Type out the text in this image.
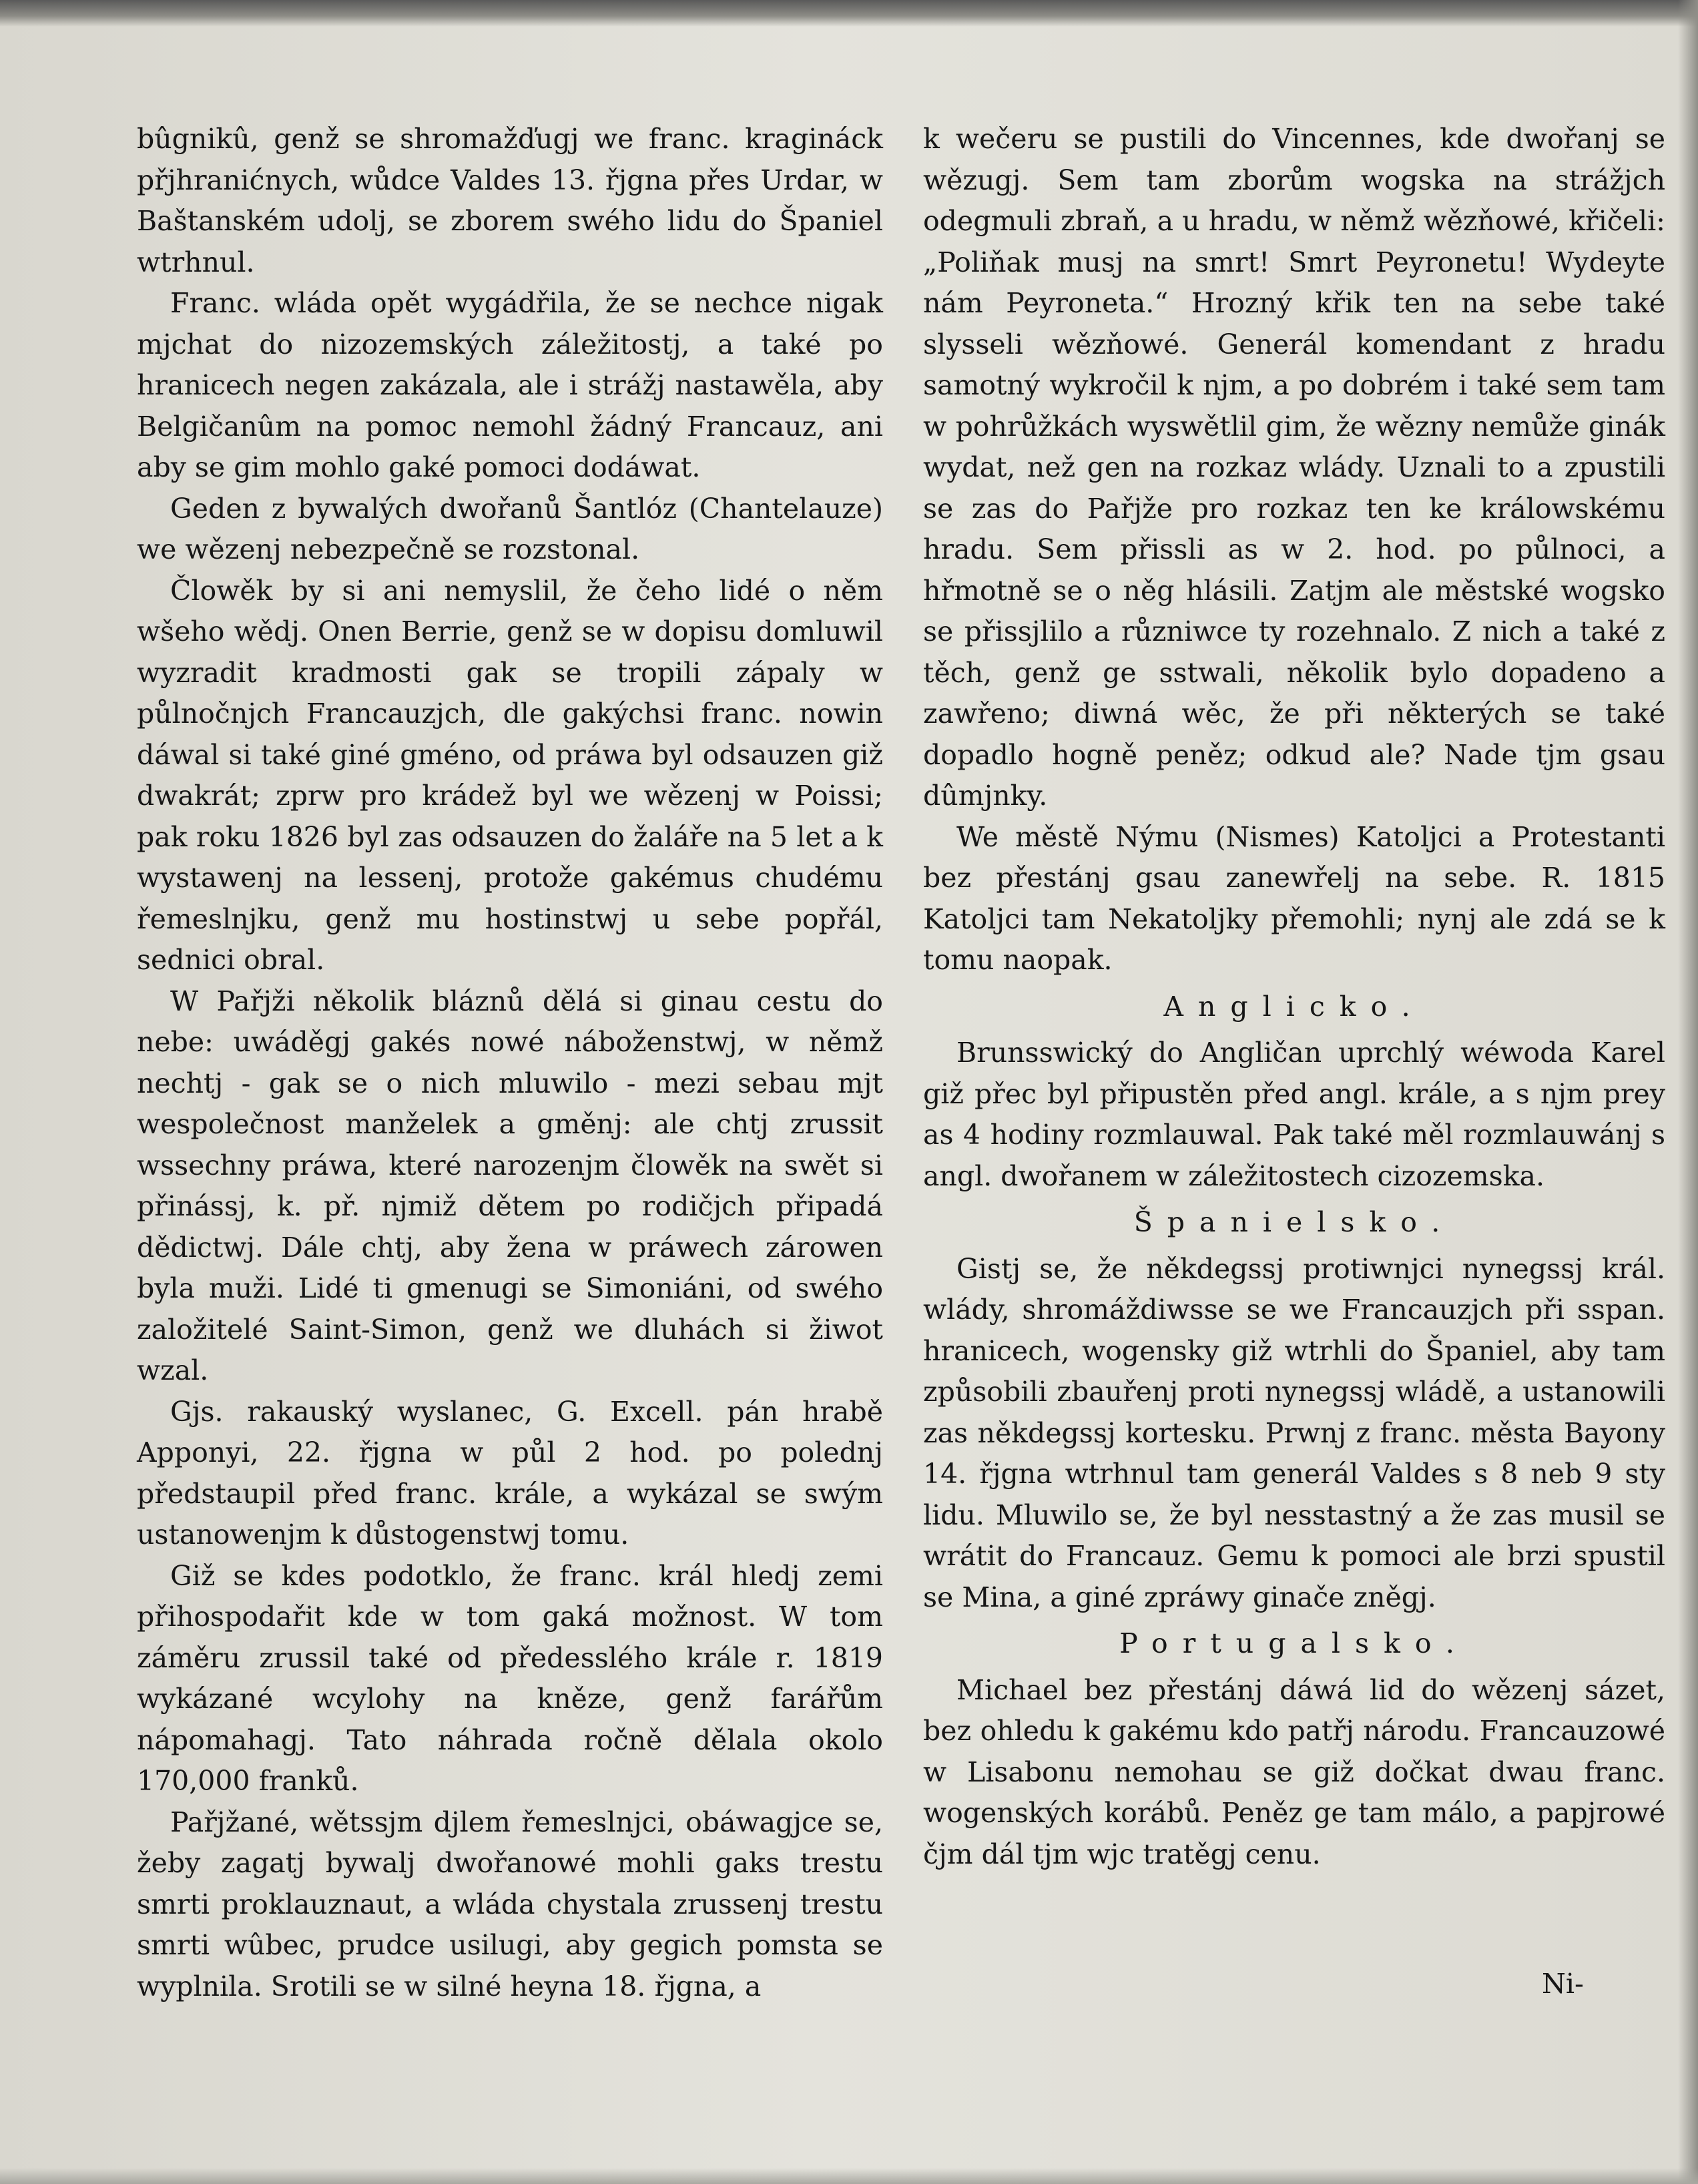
bûgnikû, genž se shromažďugj we franc. kragináck přjhranićnych, wůdce Valdes 13. řjgna přes Urdar, w Baštanském udolj, se zborem swého lidu do Španiel wtrhnul.

Franc. wláda opět wygádřila, že se nechce nigak mjchat do nizozemských záležitostj, a také po hranicech negen zakázala, ale i strážj nastawěla, aby Belgičanûm na pomoc nemohl žádný Francauz, ani aby se gim mohlo gaké pomoci dodáwat.

Geden z bywalých dwořanů Šantlóz (Chantelauze) we wězenj nebezpečně se rozstonal.

Člowěk by si ani nemyslil, že čeho lidé o něm wšeho wědj. Onen Berrie, genž se w dopisu domluwil wyzradit kradmosti gak se tropili zápaly w půlnočnjch Francauzjch, dle gakýchsi franc. nowin dáwal si také giné gméno, od práwa byl odsauzen giž dwakrát; zprw pro krádež byl we wězenj w Poissi; pak roku 1826 byl zas odsauzen do žaláře na 5 let a k wystawenj na lessenj, protože gakémus chudému řemeslnjku, genž mu hostinstwj u sebe popřál, sednici obral.

W Pařjži několik bláznů dělá si ginau cestu do nebe: uwáděgj gakés nowé náboženstwj, w němž nechtj - gak se o nich mluwilo - mezi sebau mjt wespolečnost manželek a gměnj: ale chtj zrussit wssechny práwa, které narozenjm člowěk na swět si přinássj, k. př. njmiž dětem po rodičjch připadá dědictwj. Dále chtj, aby žena w práwech zárowen byla muži. Lidé ti gmenugi se Simoniáni, od swého založitelé Saint-Simon, genž we dluhách si žiwot wzal.

Gjs. rakauský wyslanec, G. Excell. pán hrabě Apponyi, 22. řjgna w půl 2 hod. po polednj předstaupil před franc. krále, a wykázal se swým ustanowenjm k důstogenstwj tomu.

Giž se kdes podotklo, že franc. král hledj zemi přihospodařit kde w tom gaká možnost. W tom záměru zrussil také od předesslého krále r. 1819 wykázané wcylohy na kněze, genž farářům nápomahagj. Tato náhrada ročně dělala okolo 170,000 franků.

Pařjžané, wětssjm djlem řemeslnjci, obáwagjce se, žeby zagatj bywalj dwořanowé mohli gaks trestu smrti proklauznaut, a wláda chystala zrussenj trestu smrti wûbec, prudce usilugi, aby gegich pomsta se wyplnila. Srotili se w silné heyna 18. řjgna, a

k wečeru se pustili do Vincennes, kde dwořanj se wězugj. Sem tam zborům wogska na strážjch odegmuli zbraň, a u hradu, w němž wězňowé, křičeli: „Poliňak musj na smrt! Smrt Peyronetu! Wydeyte nám Peyroneta.“ Hrozný křik ten na sebe také slysseli wězňowé. Generál komendant z hradu samotný wykročil k njm, a po dobrém i také sem tam w pohrůžkách wyswětlil gim, že wězny nemůže ginák wydat, než gen na rozkaz wlády. Uznali to a zpustili se zas do Pařjže pro rozkaz ten ke králowskému hradu. Sem přissli as w 2. hod. po půlnoci, a hřmotně se o něg hlásili. Zatjm ale městské wogsko se přissjlilo a různiwce ty rozehnalo. Z nich a také z těch, genž ge sstwali, několik bylo dopadeno a zawřeno; diwná wěc, že při některých se také dopadlo hogně peněz; odkud ale? Nade tjm gsau dûmjnky.

We městě Nýmu (Nismes) Katoljci a Protestanti bez přestánj gsau zanewřelj na sebe. R. 1815 Katoljci tam Nekatoljky přemohli; nynj ale zdá se k tomu naopak.

Anglicko.

Brunsswický do Angličan uprchlý wéwoda Karel giž přec byl připustěn před angl. krále, a s njm prey as 4 hodiny rozmlauwal. Pak také měl rozmlauwánj s angl. dwořanem w záležitostech cizozemska.

Španielsko.

Gistj se, že někdegssj protiwnjci nynegssj král. wlády, shromáždiwsse se we Francauzjch při sspan. hranicech, wogensky giž wtrhli do Španiel, aby tam způsobili zbauřenj proti nynegssj wládě, a ustanowili zas někdegssj kortesku. Prwnj z franc. města Bayony 14. řjgna wtrhnul tam generál Valdes s 8 neb 9 sty lidu. Mluwilo se, že byl nesstastný a že zas musil se wrátit do Francauz. Gemu k pomoci ale brzi spustil se Mina, a giné zpráwy ginače zněgj.

Portugalsko.

Michael bez přestánj dáwá lid do wězenj sázet, bez ohledu k gakému kdo patřj národu. Francauzowé w Lisabonu nemohau se giž dočkat dwau franc. wogenských korábů. Peněz ge tam málo, a papjrowé čjm dál tjm wjc tratěgj cenu.

Ni-
